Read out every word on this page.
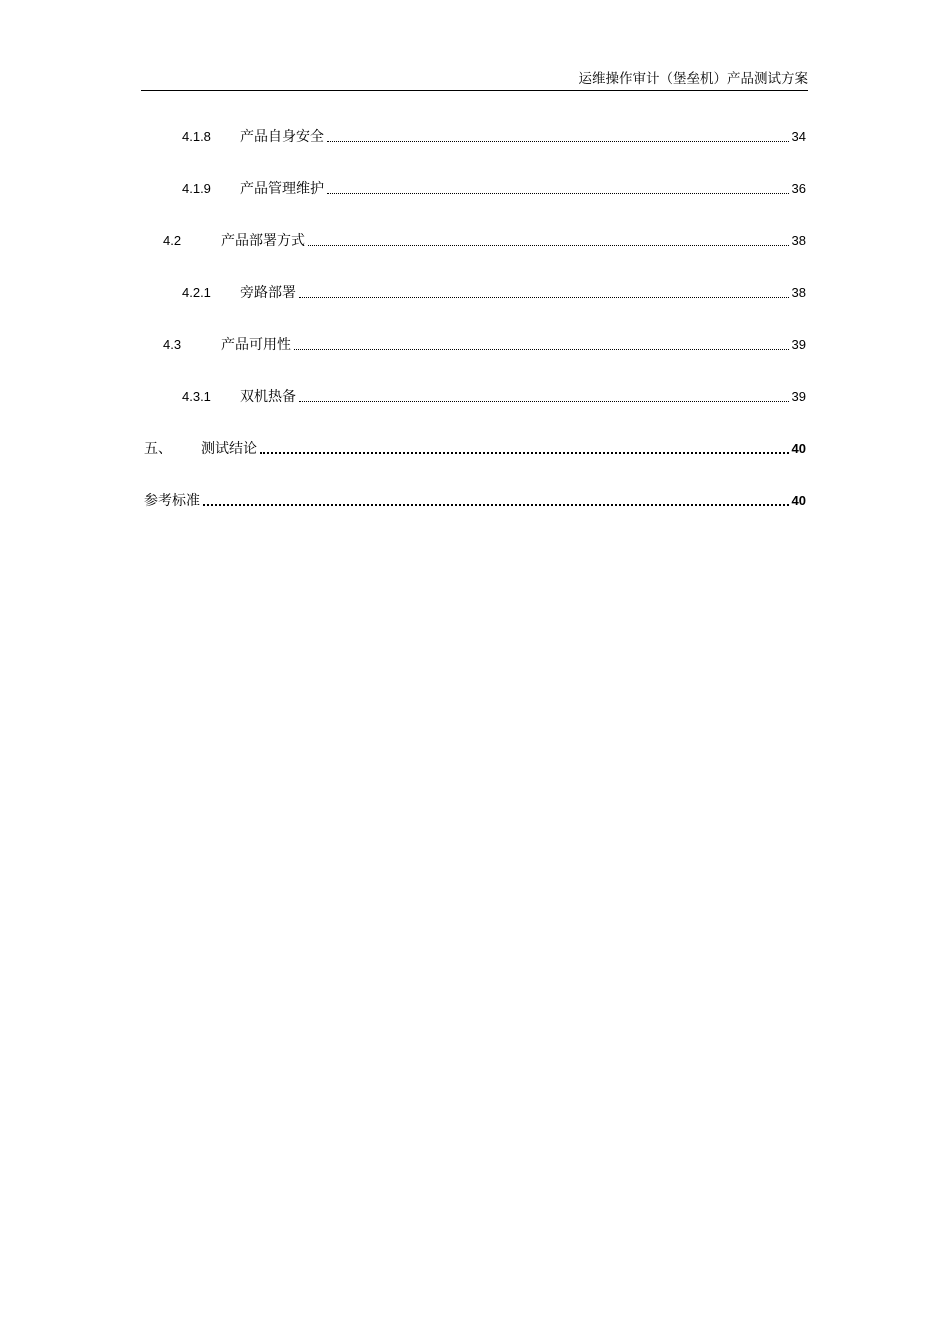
运维操作审计（堡垒机）产品测试方案
4.1.8	产品自身安全	34
4.1.9	产品管理维护	36
4.2	产品部署方式	38
4.2.1	旁路部署	38
4.3	产品可用性	39
4.3.1	双机热备	39
五、	测试结论	40
参考标准	40
